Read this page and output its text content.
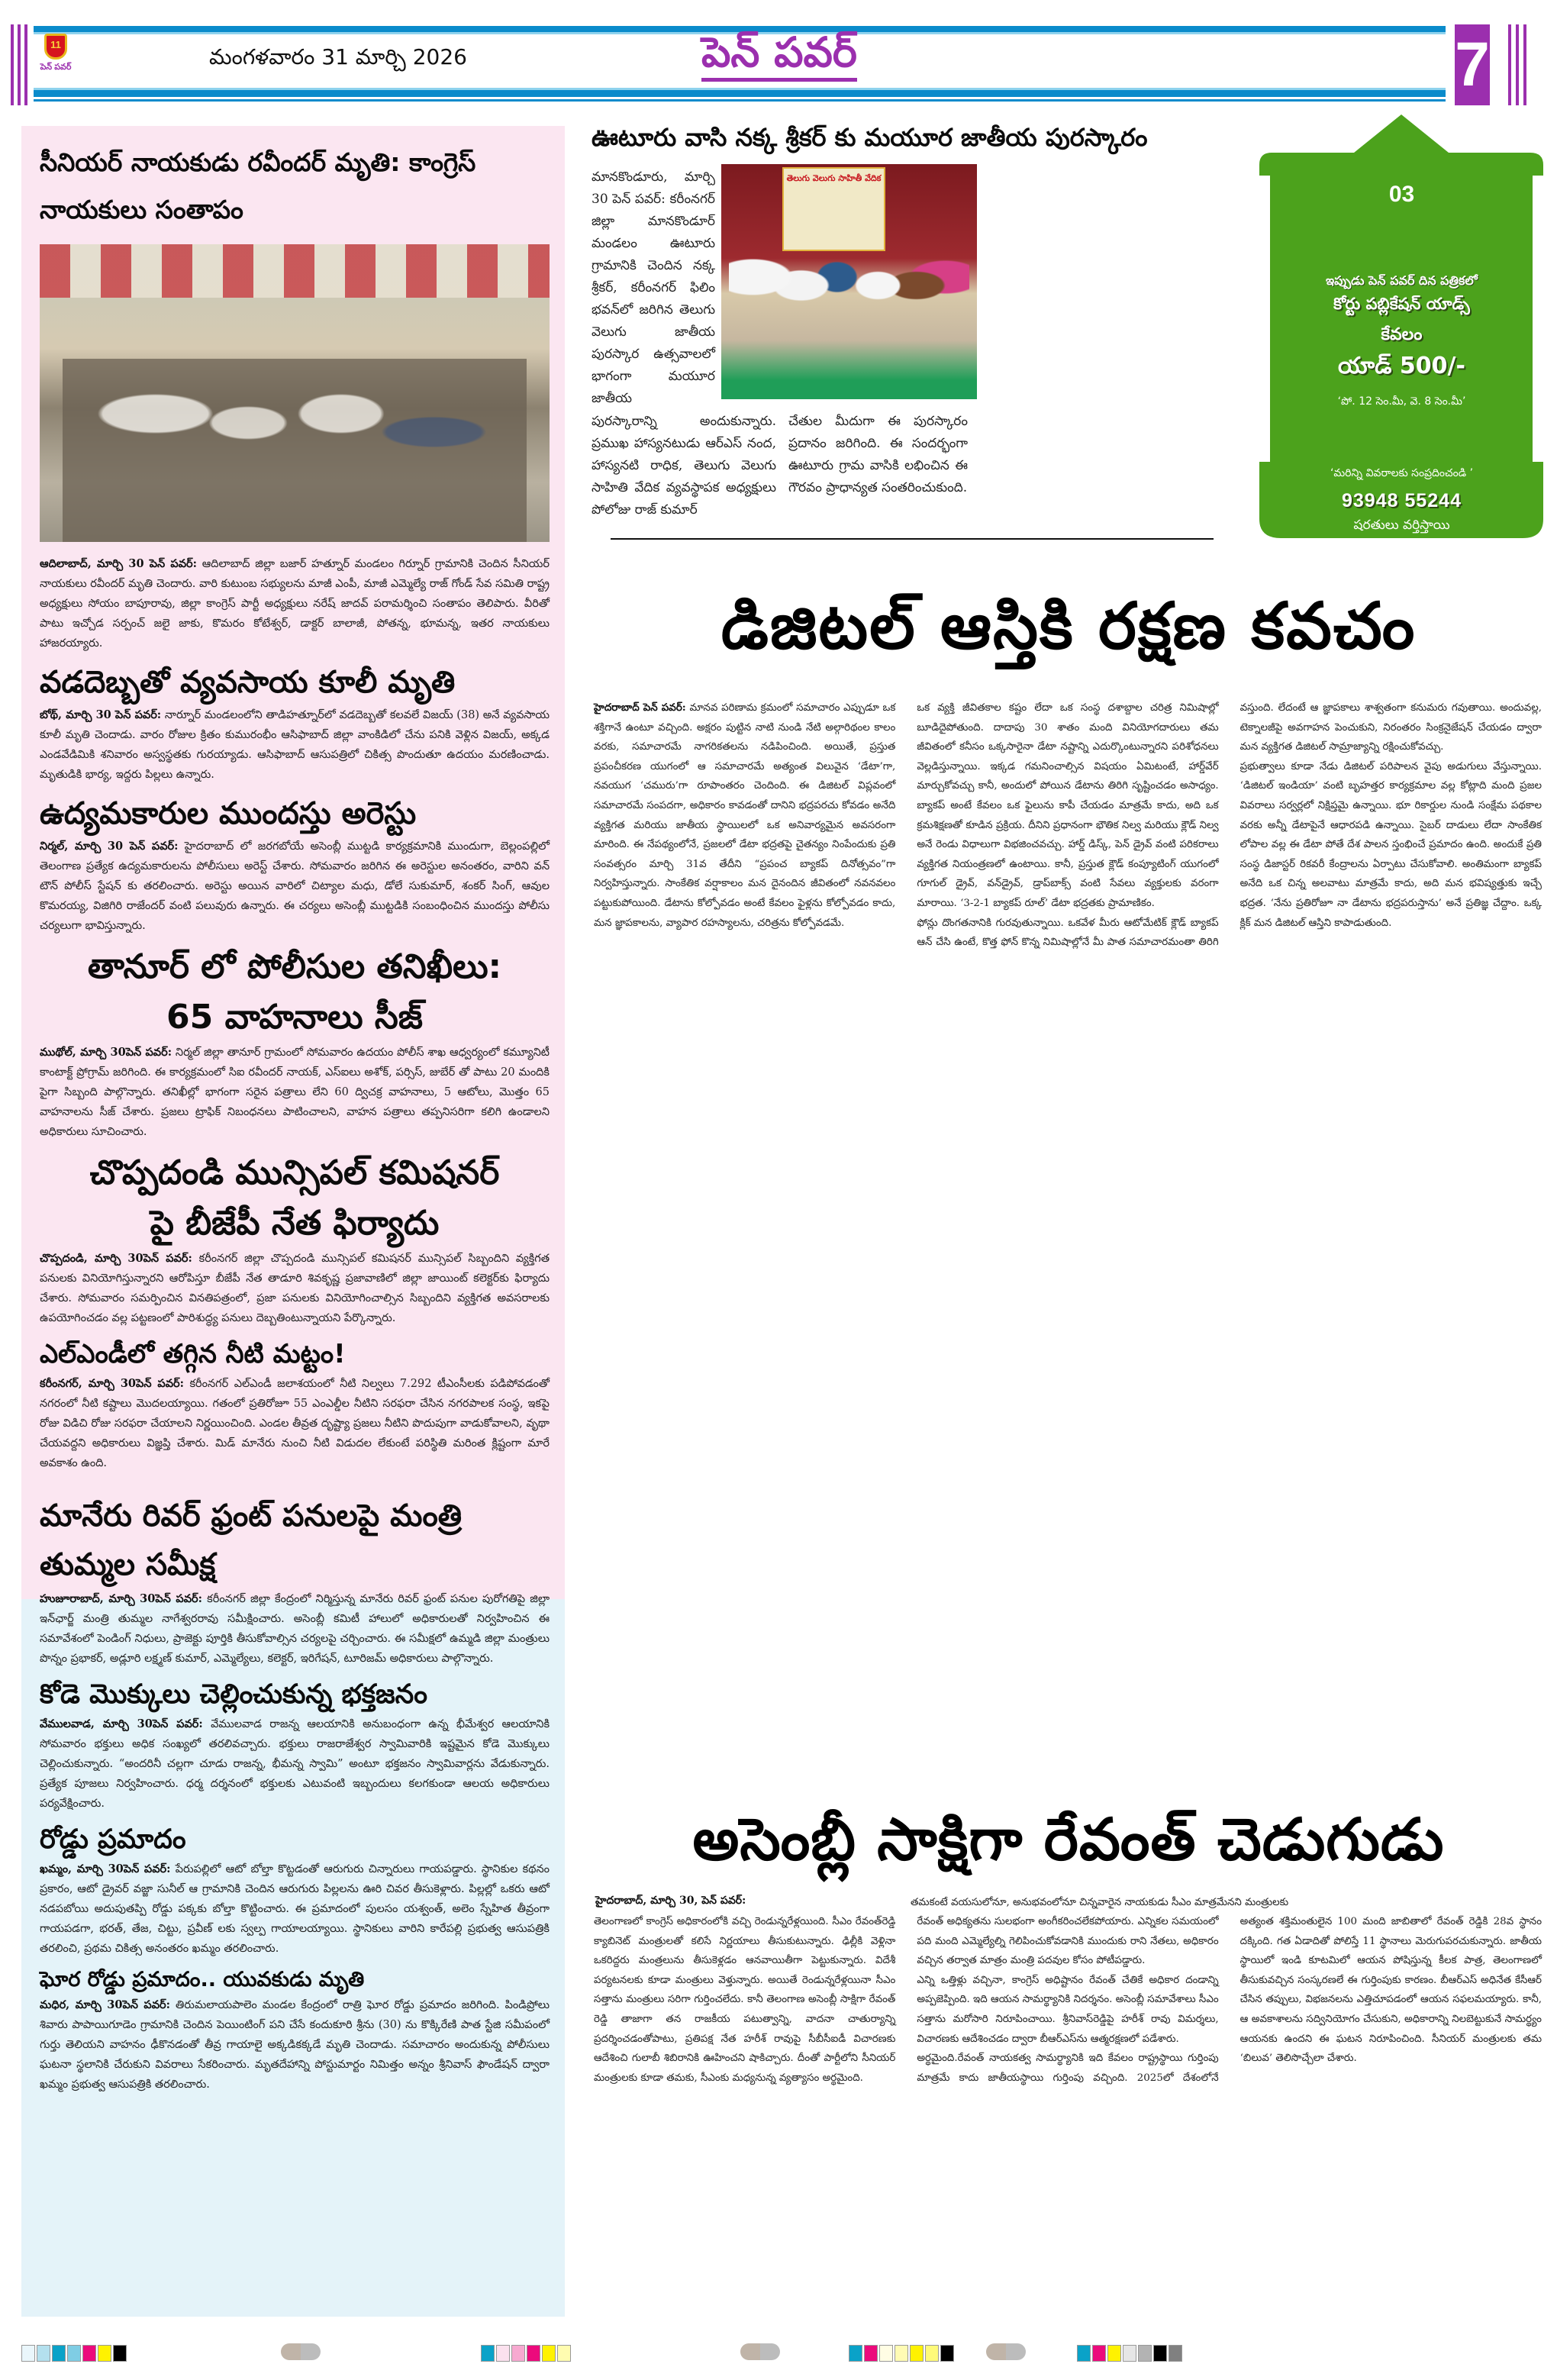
11
పెన్ పవర్	మంగళవారం 31 మార్చి 2026	పెన్ పవర్	7
సీనియర్ నాయకుడు రవీందర్ మృతి: కాంగ్రెస్ నాయకులు సంతాపం

ఆదిలాబాద్, మార్చి 30 పెన్ పవర్: ఆదిలాబాద్ జిల్లా బజార్ హత్నూర్ మండలం గిర్నూర్ గ్రామానికి చెందిన సీనియర్ నాయకులు రవీందర్ మృతి చెందారు. వారి కుటుంబ సభ్యులను మాజీ ఎంపీ, మాజీ ఎమ్మెల్యే రాజ్ గోండ్ సేవ సమితి రాష్ట్ర అధ్యక్షులు సోయం బాపూరావు, జిల్లా కాంగ్రెస్ పార్టీ అధ్యక్షులు నరేష్ జాదవ్ పరామర్శించి సంతాపం తెలిపారు. వీరితో పాటు ఇచ్చోడ సర్పంచ్ జలై జాకు, కొమరం కోటేశ్వర్, డాక్టర్ బాలాజీ, పోతన్న, భూమన్న, ఇతర నాయకులు హాజరయ్యారు.

వడదెబ్బతో వ్యవసాయ కూలీ మృతి

బోథ్, మార్చి 30 పెన్ పవర్: నార్నూర్ మండలంలోని తాడిహత్నూర్‌లో వడదెబ్బతో కలవలే విజయ్ (38) అనే వ్యవసాయ కూలీ మృతి చెందాడు. వారం రోజుల క్రితం కుమురంభీం ఆసిఫాబాద్ జిల్లా వాంకిడిలో చేను పనికి వెళ్లిన విజయ్, అక్కడ ఎండవేడిమికి శనివారం అస్వస్థతకు గురయ్యాడు. ఆసిఫాబాద్ ఆసుపత్రిలో చికిత్స పొందుతూ ఉదయం మరణించాడు. మృతుడికి భార్య, ఇద్దరు పిల్లలు ఉన్నారు.

ఉద్యమకారుల ముందస్తు అరెస్టు

నిర్మల్, మార్చి 30 పెన్ పవర్: హైదరాబాద్ లో జరగబోయే అసెంబ్లీ ముట్టడి కార్యక్రమానికి ముందుగా, బెల్లంపల్లిలో తెలంగాణ ప్రత్యేక ఉద్యమకారులను పోలీసులు అరెస్ట్ చేశారు. సోమవారం జరిగిన ఈ అరెస్టుల అనంతరం, వారిని వన్ టౌన్ పోలీస్ స్టేషన్ కు తరలించారు. అరెస్టు అయిన వారిలో చిట్యాల మధు, డోలే సుకుమార్, శంకర్ సింగ్, ఆవుల కొమరయ్య, విజిగిరి రాజేందర్ వంటి పలువురు ఉన్నారు. ఈ చర్యలు అసెంబ్లీ ముట్టడికి సంబంధించిన ముందస్తు పోలీసు చర్యలుగా భావిస్తున్నారు.

తానూర్ లో పోలీసుల తనిఖీలు: 65 వాహనాలు సీజ్

ముథోల్, మార్చి 30పెన్ పవర్: నిర్మల్ జిల్లా తానూర్ గ్రామంలో సోమవారం ఉదయం పోలీస్ శాఖ ఆధ్వర్యంలో కమ్యూనిటీ కాంటాక్ట్ ప్రోగ్రామ్ జరిగింది. ఈ కార్యక్రమంలో సిఐ రవీందర్ నాయక్, ఎస్ఐలు అశోక్, పర్సిస్, జుబేర్ తో పాటు 20 మందికి పైగా సిబ్బంది పాల్గొన్నారు. తనిఖీల్లో భాగంగా సరైన పత్రాలు లేని 60 ద్విచక్ర వాహనాలు, 5 ఆటోలు, మొత్తం 65 వాహనాలను సీజ్ చేశారు. ప్రజలు ట్రాఫిక్ నిబంధనలు పాటించాలని, వాహన పత్రాలు తప్పనిసరిగా కలిగి ఉండాలని అధికారులు సూచించారు.

చొప్పదండి మున్సిపల్ కమిషనర్ పై బీజేపీ నేత ఫిర్యాదు

చొప్పదండి, మార్చి 30పెన్ పవర్: కరీంనగర్ జిల్లా చొప్పదండి మున్సిపల్ కమిషనర్ మున్సిపల్ సిబ్బందిని వ్యక్తిగత పనులకు వినియోగిస్తున్నారని ఆరోపిస్తూ బీజేపీ నేత తాడూరి శివకృష్ణ ప్రజావాణిలో జిల్లా జాయింట్ కలెక్టర్‌కు ఫిర్యాదు చేశారు. సోమవారం సమర్పించిన వినతిపత్రంలో, ప్రజా పనులకు వినియోగించాల్సిన సిబ్బందిని వ్యక్తిగత అవసరాలకు ఉపయోగించడం వల్ల పట్టణంలో పారిశుద్ధ్య పనులు దెబ్బతింటున్నాయని పేర్కొన్నారు.

ఎల్ఎండీలో తగ్గిన నీటి మట్టం!

కరీంనగర్, మార్చి 30పెన్ పవర్: కరీంనగర్ ఎల్ఎండీ జలాశయంలో నీటి నిల్వలు 7.292 టీఎంసీలకు పడిపోవడంతో నగరంలో నీటి కష్టాలు మొదలయ్యాయి. గతంలో ప్రతిరోజూ 55 ఎంఎల్డీల నీటిని సరఫరా చేసిన నగరపాలక సంస్థ, ఇకపై రోజు విడిచి రోజు సరఫరా చేయాలని నిర్ణయించింది. ఎండల తీవ్రత దృష్ట్యా ప్రజలు నీటిని పొదుపుగా వాడుకోవాలని, వృథా చేయవద్దని అధికారులు విజ్ఞప్తి చేశారు. మిడ్ మానేరు నుంచి నీటి విడుదల లేకుంటే పరిస్థితి మరింత క్లిష్టంగా మారే అవకాశం ఉంది.

మానేరు రివర్ ఫ్రంట్ పనులపై మంత్రి తుమ్మల సమీక్ష

హుజూరాబాద్, మార్చి 30పెన్ పవర్: కరీంనగర్ జిల్లా కేంద్రంలో నిర్మిస్తున్న మానేరు రివర్ ఫ్రంట్ పనుల పురోగతిపై జిల్లా ఇన్‌ఛార్జ్ మంత్రి తుమ్మల నాగేశ్వరరావు సమీక్షించారు. అసెంబ్లీ కమిటీ హాలులో అధికారులతో నిర్వహించిన ఈ సమావేశంలో పెండింగ్ నిధులు, ప్రాజెక్టు పూర్తికి తీసుకోవాల్సిన చర్యలపై చర్చించారు. ఈ సమీక్షలో ఉమ్మడి జిల్లా మంత్రులు పొన్నం ప్రభాకర్, అడ్లూరి లక్ష్మణ్ కుమార్, ఎమ్మెల్యేలు, కలెక్టర్, ఇరిగేషన్, టూరిజమ్ అధికారులు పాల్గొన్నారు.

కోడె మొక్కులు చెల్లించుకున్న భక్తజనం

వేములవాడ, మార్చి 30పెన్ పవర్: వేములవాడ రాజన్న ఆలయానికి అనుబంధంగా ఉన్న భీమేశ్వర ఆలయానికి సోమవారం భక్తులు అధిక సంఖ్యలో తరలివచ్చారు. భక్తులు రాజరాజేశ్వర స్వామివారికి ఇష్టమైన కోడె మొక్కులు చెల్లించుకున్నారు. “అందరినీ చల్లగా చూడు రాజన్న, భీమన్న స్వామి” అంటూ భక్తజనం స్వామివార్లను వేడుకున్నారు. ప్రత్యేక పూజలు నిర్వహించారు. ధర్మ దర్శనంలో భక్తులకు ఎటువంటి ఇబ్బందులు కలగకుండా ఆలయ అధికారులు పర్యవేక్షించారు.

రోడ్డు ప్రమాదం

ఖమ్మం, మార్చి 30పెన్ పవర్: పేరుపల్లిలో ఆటో బోల్తా కొట్టడంతో ఆరుగురు చిన్నారులు గాయపడ్డారు. స్థానికుల కథనం ప్రకారం, ఆటో డ్రైవర్ వజ్జా సునీల్ ఆ గ్రామానికి చెందిన ఆరుగురు పిల్లలను ఊరి చివర తీసుకెళ్లారు. పిల్లల్లో ఒకరు ఆటో నడపబోయి అదుపుతప్పి రోడ్డు పక్కకు బోల్తా కొట్టించారు. ఈ ప్రమాదంలో పులసం యశ్వంత్, అలెం స్నేహిత తీవ్రంగా గాయపడగా, భరత్, తేజ, చిట్టు, ప్రవీణ్ లకు స్వల్ప గాయాలయ్యాయి. స్థానికులు వారిని కారేపల్లి ప్రభుత్వ ఆసుపత్రికి తరలించి, ప్రథమ చికిత్స అనంతరం ఖమ్మం తరలించారు.

ఘోర రోడ్డు ప్రమాదం.. యువకుడు మృతి

మధిర, మార్చి 30పెన్ పవర్: తిరుమలాయపాలెం మండల కేంద్రంలో రాత్రి ఘోర రోడ్డు ప్రమాదం జరిగింది. పిండిప్రోలు శివారు పాపాయిగూడెం గ్రామానికి చెందిన పెయింటింగ్ పని చేసే కందుకూరి శ్రీను (30) ను కొక్కిరేణి పాత స్టేజి సమీపంలో గుర్తు తెలియని వాహనం ఢీకొనడంతో తీవ్ర గాయాలై అక్కడికక్కడే మృతి చెందాడు. సమాచారం అందుకున్న పోలీసులు ఘటనా స్థలానికి చేరుకుని వివరాలు సేకరించారు. మృతదేహాన్ని పోస్టుమార్టం నిమిత్తం అన్నం శ్రీనివాస్ ఫౌండేషన్ ద్వారా ఖమ్మం ప్రభుత్వ ఆసుపత్రికి తరలించారు.

ఊటూరు వాసి నక్క శ్రీకర్ కు మయూర జాతీయ పురస్కారం

మానకొండూరు, మార్చి 30 పెన్ పవర్: కరీంనగర్ జిల్లా మానకొండూర్ మండలం ఊటూరు గ్రామానికి చెందిన నక్క శ్రీకర్, కరీంనగర్ ఫిలిం భవన్‌లో జరిగిన తెలుగు వెలుగు జాతీయ పురస్కార ఉత్సవాలలో భాగంగా మయూర జాతీయ

తెలుగు వెలుగు సాహితీ వేదిక

పురస్కారాన్ని అందుకున్నారు. ప్రముఖ హాస్యనటుడు ఆర్ఎస్ నంద, హాస్యనటి రాధిక, తెలుగు వెలుగు సాహితి వేదిక వ్యవస్థాపక అధ్యక్షులు పోలోజు రాజ్ కుమార్

చేతుల మీదుగా ఈ పురస్కారం ప్రదానం జరిగింది. ఈ సందర్భంగా ఊటూరు గ్రామ వాసికి లభించిన ఈ గౌరవం ప్రాధాన్యత సంతరించుకుంది.

03
ఇప్పుడు పెన్ పవర్ దిన పత్రికలో
కోర్టు పబ్లికేషన్ యాడ్స్
కేవలం
యాడ్ 500/-
‘పో. 12 సెం.మీ, వె. 8 సెం.మీ’
‘మరిన్ని వివరాలకు సంప్రదించండి ’
93948 55244
షరతులు వర్తిస్తాయి
డిజిటల్ ఆస్తికి రక్షణ కవచం

హైదరాబాద్ పెన్ పవర్: మానవ పరిణామ క్రమంలో సమాచారం ఎప్పుడూ ఒక శక్తిగానే ఉంటూ వచ్చింది. అక్షరం పుట్టిన నాటి నుండి నేటి అల్గారిథంల కాలం వరకు, సమాచారమే నాగరికతలను నడిపించింది. అయితే, ప్రస్తుత ప్రపంచీకరణ యుగంలో ఆ సమాచారమే అత్యంత విలువైన ‘డేటా’గా, నవయుగ ‘చమురు’గా రూపాంతరం చెందింది. ఈ డిజిటల్ విప్లవంలో సమాచారమే సంపదగా, అధికారం కావడంతో దానిని భద్రపరచు కోవడం అనేది వ్యక్తిగత మరియు జాతీయ స్థాయిలలో ఒక అనివార్యమైన అవసరంగా మారింది. ఈ నేపథ్యంలోనే, ప్రజలలో డేటా భద్రతపై చైతన్యం నింపేందుకు ప్రతి సంవత్సరం మార్చి 31వ తేదీని “ప్రపంచ బ్యాకప్ దినోత్సవం”గా నిర్వహిస్తున్నారు. సాంకేతిక వర్షాకాలం మన దైనందిన జీవితంలో నవనవలం పట్టుకుపోయింది. డేటాను కోల్పోవడం అంటే కేవలం ఫైళ్లను కోల్పోవడం కాదు, మన జ్ఞాపకాలను, వ్యాపార రహస్యాలను, చరిత్రను కోల్పోవడమే.

ఒక వ్యక్తి జీవితకాల కష్టం లేదా ఒక సంస్థ దశాబ్దాల చరిత్ర నిమిషాల్లో బూడిదైపోతుంది. దాదాపు 30 శాతం మంది వినియోగదారులు తమ జీవితంలో కనీసం ఒక్కసారైనా డేటా నష్టాన్ని ఎదుర్కొంటున్నారని పరిశోధనలు వెల్లడిస్తున్నాయి. ఇక్కడ గమనించాల్సిన విషయం ఏమిటంటే, హార్డ్‌వేర్ మార్చుకోవచ్చు కానీ, అందులో పోయిన డేటాను తిరిగి సృష్టించడం అసాధ్యం. బ్యాకప్ అంటే కేవలం ఒక ఫైలును కాపీ చేయడం మాత్రమే కాదు, అది ఒక క్రమశిక్షణతో కూడిన ప్రక్రియ. దీనిని ప్రధానంగా భౌతిక నిల్వ మరియు క్లౌడ్ నిల్వ అనే రెండు విధాలుగా విభజించవచ్చు. హార్డ్ డిస్క్, పెన్ డ్రైవ్ వంటి పరికరాలు వ్యక్తిగత నియంత్రణలో ఉంటాయి. కానీ, ప్రస్తుత క్లౌడ్ కంప్యూటింగ్ యుగంలో గూగుల్ డ్రైవ్, వన్‌డ్రైవ్, డ్రాప్‌బాక్స్ వంటి సేవలు వ్యక్తులకు వరంగా మారాయి. ‘3-2-1 బ్యాకప్ రూల్’ డేటా భద్రతకు ప్రామాణికం.

ఫోన్లు దొంగతనానికి గురవుతున్నాయి. ఒకవేళ మీరు ఆటోమేటిక్ క్లౌడ్ బ్యాకప్ ఆన్ చేసి ఉంటే, కొత్త ఫోన్ కొన్న నిమిషాల్లోనే మీ పాత సమాచారమంతా తిరిగి వస్తుంది. లేదంటే ఆ జ్ఞాపకాలు శాశ్వతంగా కనుమరు గవుతాయి. అందువల్ల, టెక్నాలజీపై అవగాహన పెంచుకుని, నిరంతరం సింక్రనైజేషన్ చేయడం ద్వారా మన వ్యక్తిగత డిజిటల్ సామ్రాజ్యాన్ని రక్షించుకోవచ్చు.

ప్రభుత్వాలు కూడా నేడు డిజిటల్ పరిపాలన వైపు అడుగులు వేస్తున్నాయి. ‘డిజిటల్ ఇండియా’ వంటి బృహత్తర కార్యక్రమాల వల్ల కోట్లాది మంది ప్రజల వివరాలు సర్వర్లలో నిక్షిప్తమై ఉన్నాయి. భూ రికార్డుల నుండి సంక్షేమ పథకాల వరకు అన్నీ డేటాపైనే ఆధారపడి ఉన్నాయి. సైబర్ దాడులు లేదా సాంకేతిక లోపాల వల్ల ఈ డేటా పోతే దేశ పాలన స్తంభించే ప్రమాదం ఉంది. అందుకే ప్రతి సంస్థ డిజాస్టర్ రికవరీ కేంద్రాలను ఏర్పాటు చేసుకోవాలి. అంతిమంగా బ్యాకప్ అనేది ఒక చిన్న అలవాటు మాత్రమే కాదు, అది మన భవిష్యత్తుకు ఇచ్చే భద్రత. ‘నేను ప్రతిరోజూ నా డేటాను భద్రపరుస్తాను’ అనే ప్రతిజ్ఞ చేద్దాం. ఒక్క క్లిక్ మన డిజిటల్ ఆస్తిని కాపాడుతుంది.

అసెంబ్లీ సాక్షిగా రేవంత్ చెడుగుడు
హైదరాబాద్, మార్చి 30, పెన్ పవర్:	తమకంటే వయసులోనూ, అనుభవంలోనూ చిన్నవారైన నాయకుడు సీఎం మాత్రమేనని మంత్రులకు

తెలంగాణలో కాంగ్రెస్ అధికారంలోకి వచ్చి రెండున్నరేళ్లయింది. సీఎం రేవంత్‌రెడ్డి క్యాబినెట్ మంత్రులతో కలిసే నిర్ణయాలు తీసుకుటున్నారు. ఢిల్లీకి వెళ్లినా ఒకరిద్దరు మంత్రలును తీసుకెళ్లడం ఆనవాయితీగా పెట్టుకున్నారు. విదేశీ పర్యటనలకు కూడా మంత్రులు వెళ్తున్నారు. అయితే రెండున్నరేళ్లయినా సీఎం సత్తాను మంత్రులు సరిగా గుర్తించలేదు. కానీ తెలంగాణ అసెంబ్లీ సాక్షిగా రేవంత్ రెడ్డి తాజాగా తన రాజకీయ పటుత్వాన్ని, వాదనా చాతుర్యాన్ని ప్రదర్శించడంతోపాటు, ప్రతిపక్ష నేత హరీశ్ రావుపై సీబీసీఐడీ విచారణకు ఆదేశించి గులాబీ శిబిరానికి ఊహించని షాకిచ్చారు. దీంతో పార్టీలోని సీనియర్ మంత్రులకు కూడా తమకు, సీఎంకు మధ్యనున్న వ్యత్యాసం అర్థమైంది.

రేవంత్ అధిక్యతను సులభంగా అంగీకరించలేకపోయారు. ఎన్నికల సమయంలో పది మంది ఎమ్మెల్యేల్ని గెలిపించుకోవడానికి ముందుకు రాని నేతలు, అధికారం వచ్చిన తర్వాత మాత్రం మంత్రి పదవుల కోసం పోటీపడ్డారు.

ఎన్ని ఒత్తిళ్లు వచ్చినా, కాంగ్రెస్ అధిష్టానం రేవంత్ చేతికే అధికార దండాన్ని అప్పజెప్పింది. ఇది ఆయన సామర్థ్యానికి నిదర్శనం. అసెంబ్లీ సమావేశాలు సీఎం సత్తాను మరోసారి నిరూపించాయి. శ్రీనివాస్‌రెడ్డిపై హరీశ్ రావు విమర్శలు, విచారణకు ఆదేశించడం ద్వారా బీఆర్ఎస్‌ను ఆత్మరక్షణలో పడేశారు.

అర్థమైంది.రేవంత్ నాయకత్వ సామర్థ్యానికి ఇది కేవలం రాష్ట్రస్థాయి గుర్తింపు మాత్రమే కాదు జాతీయస్థాయి గుర్తింపు వచ్చింది. 2025లో దేశంలోనే అత్యంత శక్తిమంతులైన 100 మంది జాబితాలో రేవంత్ రెడ్డికి 28వ స్థానం దక్కింది. గత ఏడాదితో పోలిస్తే 11 స్థానాలు మెరుగుపరచుకున్నారు. జాతీయ స్థాయిలో ఇండి కూటమిలో ఆయన పోషిస్తున్న కీలక పాత్ర, తెలంగాణలో తీసుకువచ్చిన సంస్కరణలే ఈ గుర్తింపుకు కారణం. బీఆర్ఎస్ అధినేత కేసీఆర్ చేసిన తప్పులు, విభజనలను ఎత్తిచూపడంలో ఆయన సఫలమయ్యారు. కానీ, ఆ అవకాశాలను సద్వినియోగం చేసుకుని, అధికారాన్ని నిలబెట్టుకునే సామర్థ్యం ఆయనకు ఉందని ఈ ఘటన నిరూపించింది. సీనియర్ మంత్రులకు తమ ‘బిలువ’ తెలిసొచ్చేలా చేశారు.
